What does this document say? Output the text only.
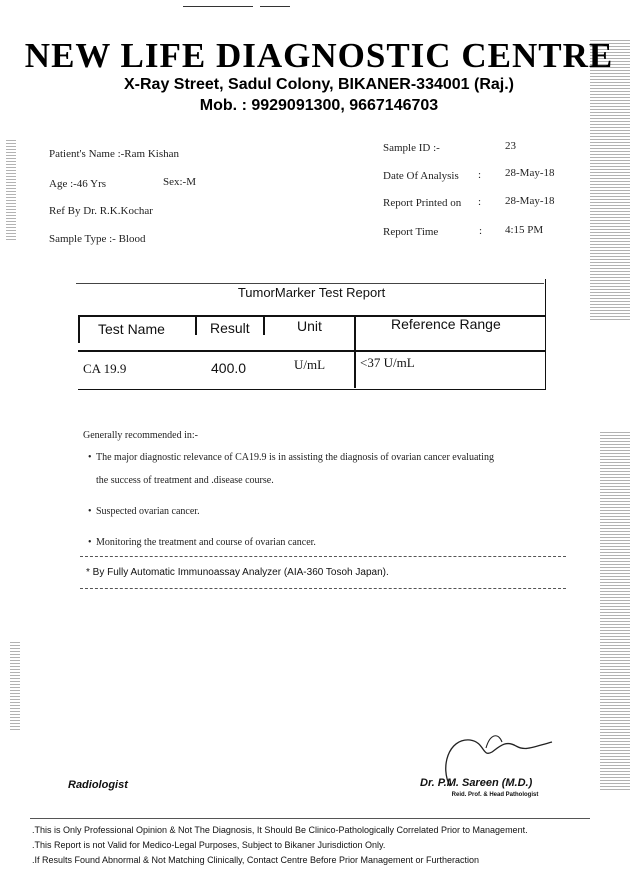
NEW LIFE DIAGNOSTIC CENTRE
X-Ray Street, Sadul Colony, BIKANER-334001 (Raj.)
Mob. : 9929091300, 9667146703
Patient's Name :-Ram Kishan
Age :-46 Yrs	Sex:-M
Ref By Dr. R.K.Kochar
Sample Type :- Blood
Sample ID :-	23
Date Of Analysis : 28-May-18
Report Printed on : 28-May-18
Report Time	: 4:15 PM
TumorMarker Test Report
Test Name	Result	Unit	Reference Range
CA 19.9	400.0	U/mL	<37 U/mL
Generally recommended in:-
• The major diagnostic relevance of CA19.9 is in assisting the diagnosis of ovarian cancer evaluating
the success of treatment and .disease course.
• Suspected ovarian cancer.
• Monitoring the treatment and course of ovarian cancer.
* By Fully Automatic Immunoassay Analyzer (AIA-360 Tosoh Japan).
Radiologist	Dr. P.M. Sareen (M.D.)
Reid. Prof. & Head Pathologist
.This is Only Professional Opinion & Not The Diagnosis, It Should Be Clinico-Pathologically Correlated Prior to Management.
.This Report is not Valid for Medico-Legal Purposes, Subject to Bikaner Jurisdiction Only.
.If Results Found Abnormal & Not Matching Clinically, Contact Centre Before Prior Management or Furtheraction
